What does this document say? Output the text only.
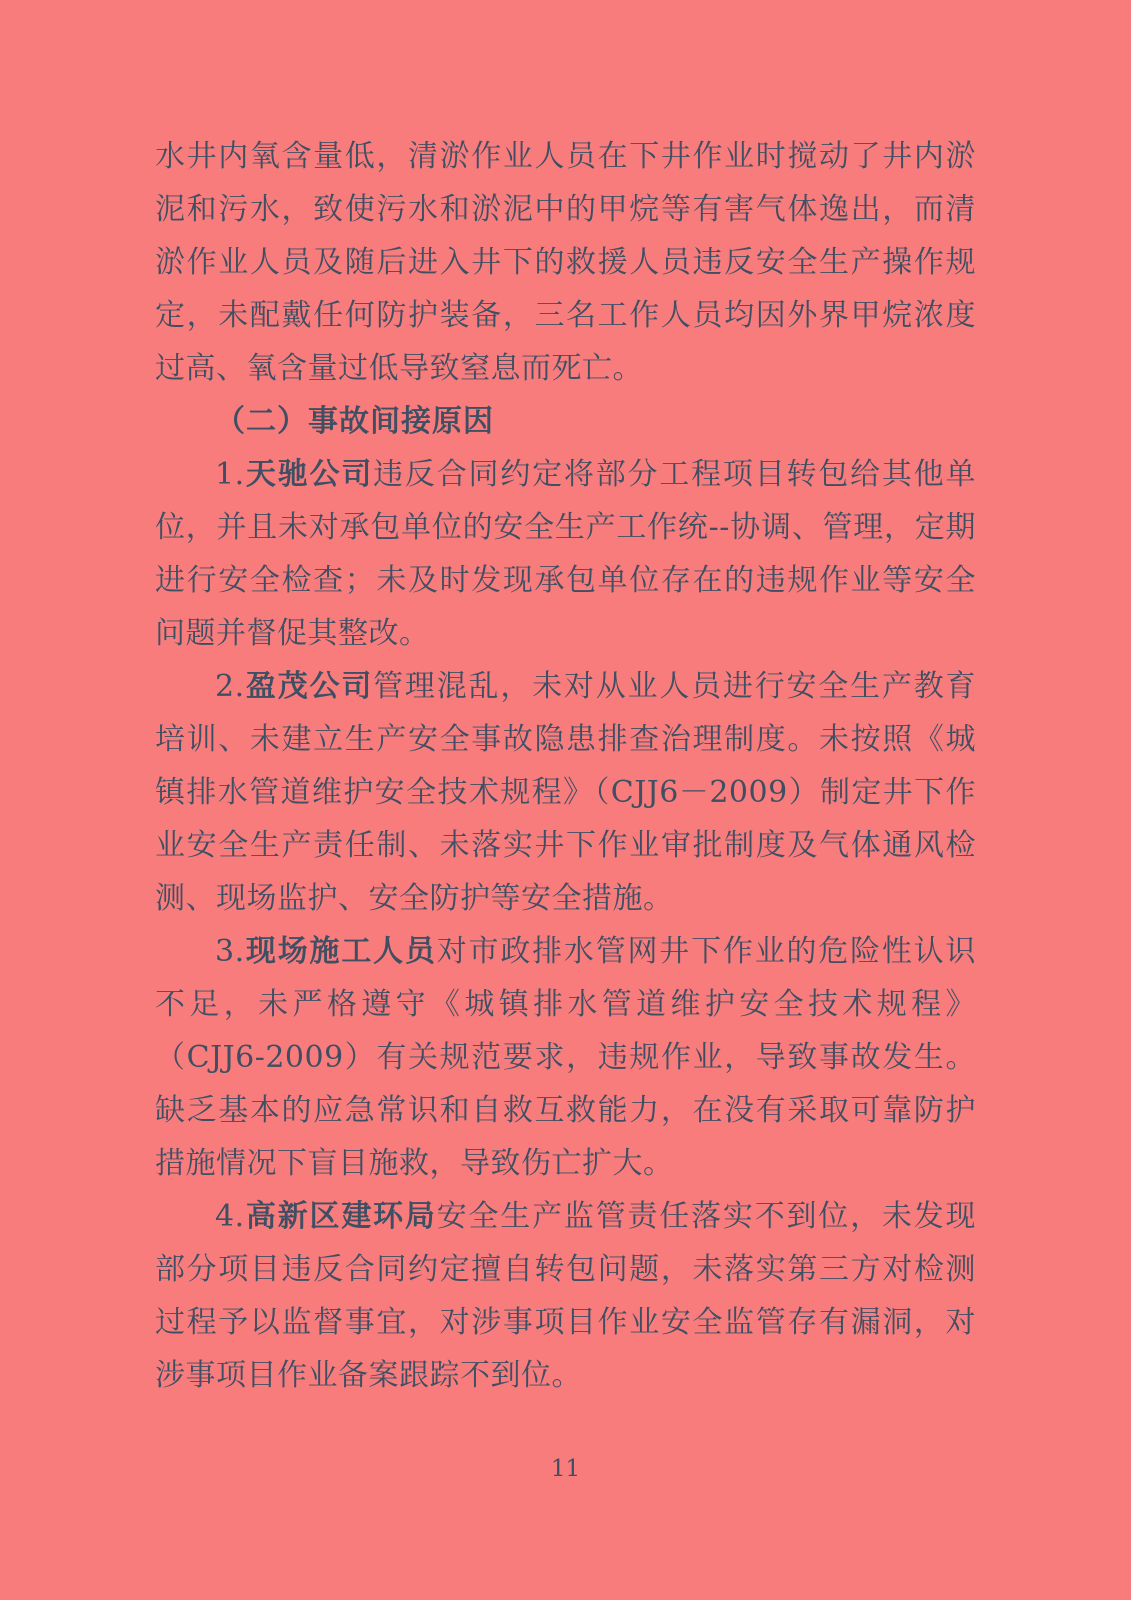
水井内氧含量低，清淤作业人员在下井作业时搅动了井内淤泥和污水，致使污水和淤泥中的甲烷等有害气体逸出，而清淤作业人员及随后进入井下的救援人员违反安全生产操作规定，未配戴任何防护装备，三名工作人员均因外界甲烷浓度过高、氧含量过低导致窒息而死亡。

（二）事故间接原因

1.天驰公司违反合同约定将部分工程项目转包给其他单位，并且未对承包单位的安全生产工作统--协调、管理，定期进行安全检查；未及时发现承包单位存在的违规作业等安全问题并督促其整改。

2.盈茂公司管理混乱，未对从业人员进行安全生产教育培训、未建立生产安全事故隐患排查治理制度。未按照《城镇排水管道维护安全技术规程》（CJJ6－2009）制定井下作业安全生产责任制、未落实井下作业审批制度及气体通风检测、现场监护、安全防护等安全措施。

3.现场施工人员对市政排水管网井下作业的危险性认识不足，未严格遵守《城镇排水管道维护安全技术规程》（CJJ6-2009）有关规范要求，违规作业，导致事故发生。缺乏基本的应急常识和自救互救能力，在没有采取可靠防护措施情况下盲目施救，导致伤亡扩大。

4.高新区建环局安全生产监管责任落实不到位，未发现部分项目违反合同约定擅自转包问题，未落实第三方对检测过程予以监督事宜，对涉事项目作业安全监管存有漏洞，对涉事项目作业备案跟踪不到位。

11
